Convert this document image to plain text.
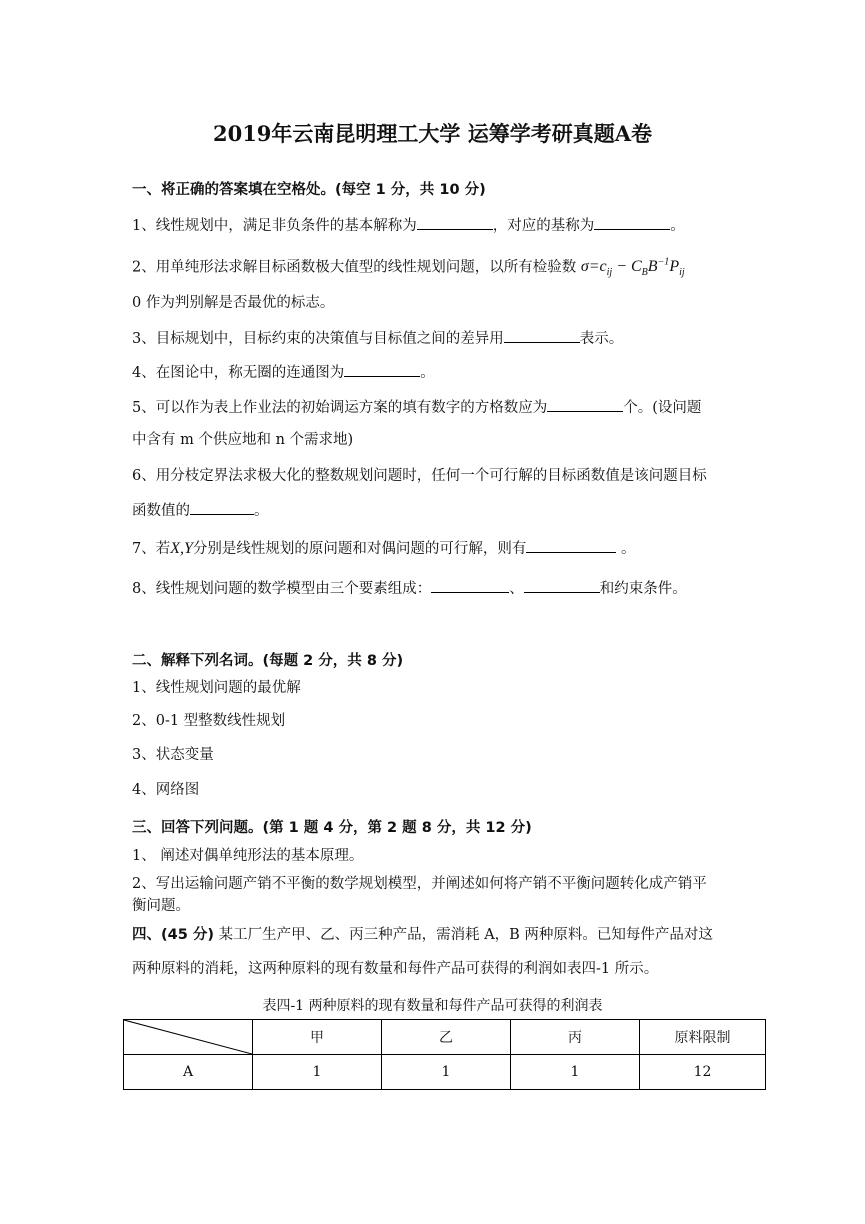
2019年云南昆明理工大学 运筹学考研真题A卷
一、将正确的答案填在空格处。(每空 1 分，共 10 分)
1、线性规划中，满足非负条件的基本解称为	，对应的基称为	。
2、用单纯形法求解目标函数极大值型的线性规划问题，以所有检验数 $\sigma=c_{ij} - C_BB^{-1}P_{ij}$
0 作为判别解是否最优的标志。
3、目标规划中，目标约束的决策值与目标值之间的差异用	表示。
4、在图论中，称无圈的连通图为	。
5、可以作为表上作业法的初始调运方案的填有数字的方格数应为	个。(设问题
中含有 m 个供应地和 n 个需求地)
6、用分枝定界法求极大化的整数规划问题时，任何一个可行解的目标函数值是该问题目标
函数值的	。
7、若X,Y分别是线性规划的原问题和对偶问题的可行解，则有	。
8、线性规划问题的数学模型由三个要素组成：	、	和约束条件。
二、解释下列名词。(每题 2 分，共 8 分)
1、线性规划问题的最优解
2、0-1 型整数线性规划
3、状态变量
4、网络图
三、回答下列问题。(第 1 题 4 分，第 2 题 8 分，共 12 分)
1、 阐述对偶单纯形法的基本原理。
2、写出运输问题产销不平衡的数学规划模型，并阐述如何将产销不平衡问题转化成产销平
衡问题。
四、(45 分) 某工厂生产甲、乙、丙三种产品，需消耗 A，B 两种原料。已知每件产品对这
两种原料的消耗，这两种原料的现有数量和每件产品可获得的利润如表四-1 所示。
表四-1 两种原料的现有数量和每件产品可获得的利润表
	甲	乙	丙	原料限制
A	1	1	1	12
